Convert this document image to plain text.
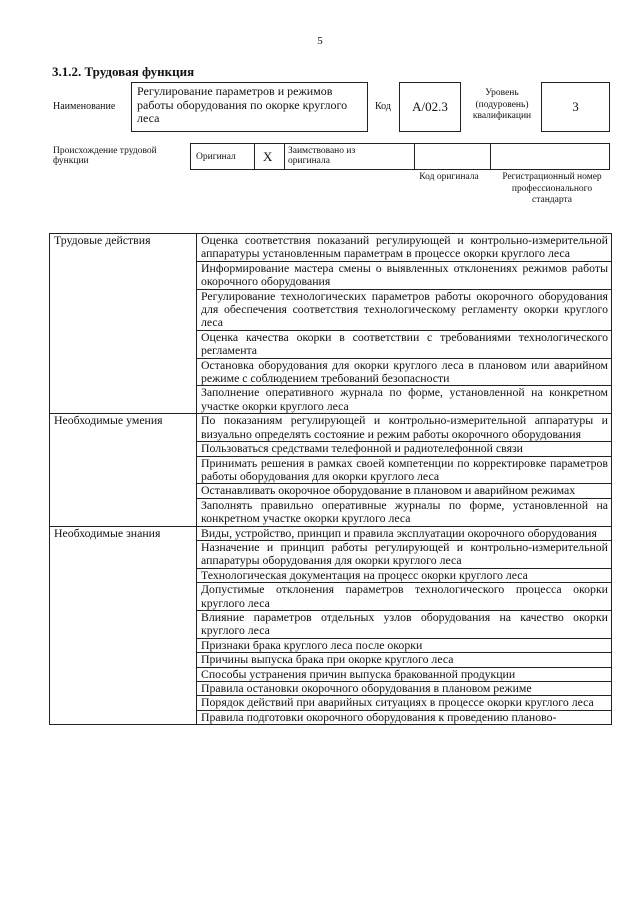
5
3.1.2. Трудовая функция
Наименование
Регулирование параметров и режимов работы оборудования по окорке круглого леса
Код	A/02.3
Уровень (подуровень) квалификации
3
Происхождение трудовой функции	Оригинал X Заимствовано из оригинала
Код оригинала	Регистрационный номер профессионального стандарта
Трудовые действия	Оценка соответствия показаний регулирующей и контрольно-измерительной аппаратуры установленным параметрам в процессе окорки круглого леса
	Информирование мастера смены о выявленных отклонениях режимов работы окорочного оборудования
	Регулирование технологических параметров работы окорочного оборудования для обеспечения соответствия технологическому регламенту окорки круглого леса
	Оценка качества окорки в соответствии с требованиями технологического регламента
	Остановка оборудования для окорки круглого леса в плановом или аварийном режиме с соблюдением требований безопасности
	Заполнение оперативного журнала по форме, установленной на конкретном участке окорки круглого леса
Необходимые умения	По показаниям регулирующей и контрольно-измерительной аппаратуры и визуально определять состояние и режим работы окорочного оборудования
	Пользоваться средствами телефонной и радиотелефонной связи
	Принимать решения в рамках своей компетенции по корректировке параметров работы оборудования для окорки круглого леса
	Останавливать окорочное оборудование в плановом и аварийном режимах
	Заполнять правильно оперативные журналы по форме, установленной на конкретном участке окорки круглого леса
Необходимые знания	Виды, устройство, принцип и правила эксплуатации окорочного оборудования
	Назначение и принцип работы регулирующей и контрольно-измерительной аппаратуры оборудования для окорки круглого леса
	Технологическая документация на процесс окорки круглого леса
	Допустимые отклонения параметров технологического процесса окорки круглого леса
	Влияние параметров отдельных узлов оборудования на качество окорки круглого леса
	Признаки брака круглого леса после окорки
	Причины выпуска брака при окорке круглого леса
	Способы устранения причин выпуска бракованной продукции
	Правила остановки окорочного оборудования в плановом режиме
	Порядок действий при аварийных ситуациях в процессе окорки круглого леса
	Правила подготовки окорочного оборудования к проведению планово-
